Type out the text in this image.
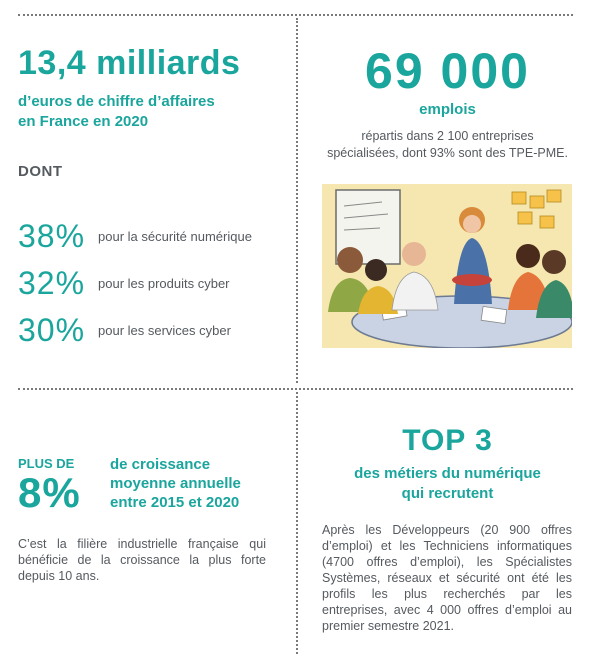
13,4 milliards
d’euros de chiffre d’affaires
en France en 2020
DONT
38% pour la sécurité numérique
32% pour les produits cyber
30% pour les services cyber
69 000
emplois
répartis dans 2 100 entreprises
spécialisées, dont 93% sont des TPE-PME.
PLUS DE
8%
de croissance
moyenne annuelle
entre 2015 et 2020
C’est la filière industrielle française qui bénéficie de la croissance la plus forte depuis 10 ans.
TOP 3
des métiers du numérique
qui recrutent
Après les Développeurs (20 900 offres d’emploi) et les Techniciens informatiques (4700 offres d’emploi), les Spécialistes Systèmes, réseaux et sécurité ont été les profils les plus recherchés par les entreprises, avec 4 000 offres d’emploi au premier semestre 2021.
